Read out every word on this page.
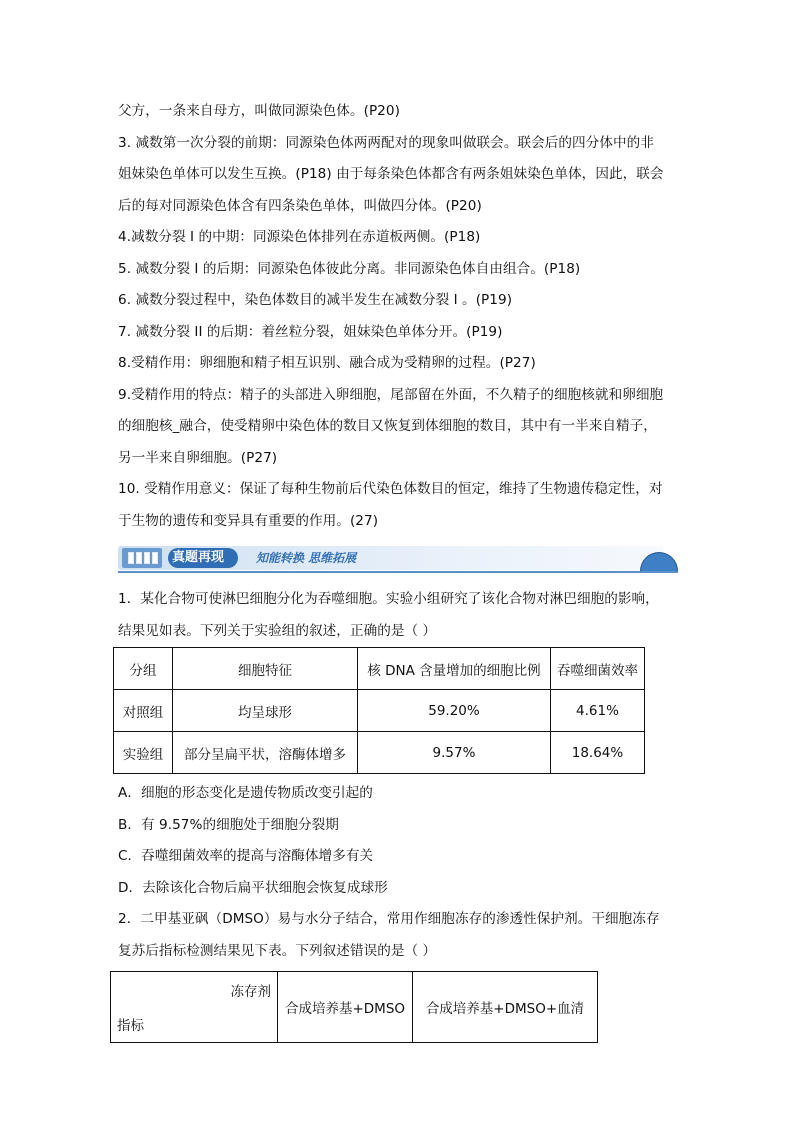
父方，一条来自母方，叫做同源染色体。(P20)
3. 减数第一次分裂的前期：同源染色体两两配对的现象叫做联会。联会后的四分体中的非
姐妹染色单体可以发生互换。(P18) 由于每条染色体都含有两条姐妹染色单体，因此，联会
后的每对同源染色体含有四条染色单体，叫做四分体。(P20)
4.减数分裂 I 的中期：同源染色体排列在赤道板两侧。(P18)
5. 减数分裂 I 的后期：同源染色体彼此分离。非同源染色体自由组合。(P18)
6. 减数分裂过程中，染色体数目的减半发生在减数分裂 I 。(P19)
7. 减数分裂 II 的后期：着丝粒分裂，姐妹染色单体分开。(P19)
8.受精作用：卵细胞和精子相互识别、融合成为受精卵的过程。(P27)
9.受精作用的特点：精子的头部进入卵细胞，尾部留在外面，不久精子的细胞核就和卵细胞
的细胞核_融合，使受精卵中染色体的数目又恢复到体细胞的数目，其中有一半来自精子，
另一半来自卵细胞。(P27)
10. 受精作用意义：保证了每种生物前后代染色体数目的恒定，维持了生物遗传稳定性，对
于生物的遗传和变异具有重要的作用。(27)
真题再现	知能转换 思维拓展
1．某化合物可使淋巴细胞分化为吞噬细胞。实验小组研究了该化合物对淋巴细胞的影响，
结果见如表。下列关于实验组的叙述，正确的是（ ）
分组	细胞特征	核 DNA 含量增加的细胞比例	吞噬细菌效率
对照组	均呈球形	59.20%	4.61%
实验组	部分呈扁平状，溶酶体增多	9.57%	18.64%
A．细胞的形态变化是遗传物质改变引起的
B．有 9.57%的细胞处于细胞分裂期
C．吞噬细菌效率的提高与溶酶体增多有关
D．去除该化合物后扁平状细胞会恢复成球形
2．二甲基亚砜（DMSO）易与水分子结合，常用作细胞冻存的渗透性保护剂。干细胞冻存
复苏后指标检测结果见下表。下列叙述错误的是（ ）
冻存剂
指标
	合成培养基+DMSO	合成培养基+DMSO+血清
